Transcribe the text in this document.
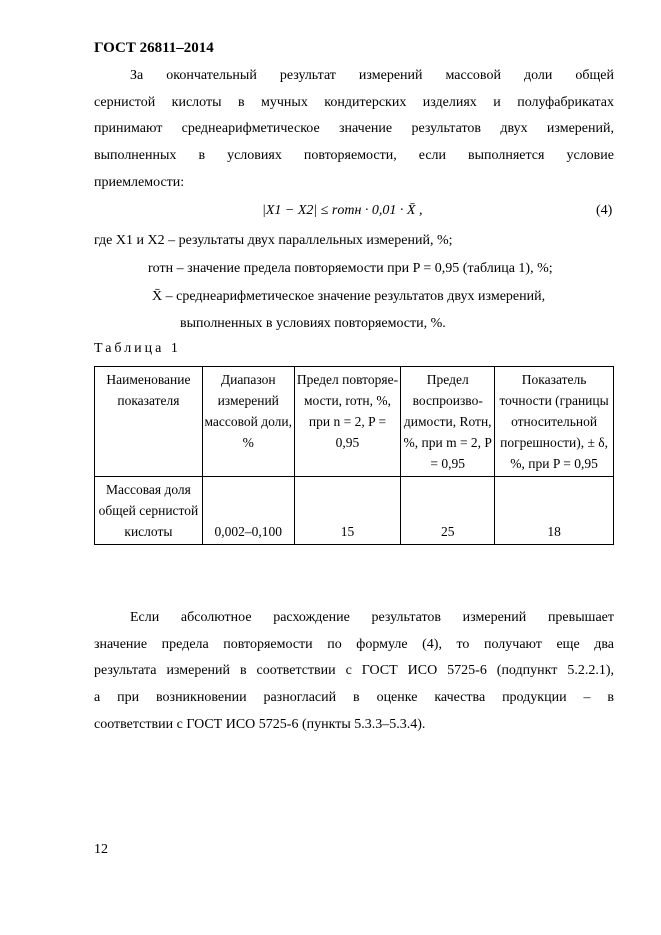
ГОСТ 26811–2014
За окончательный результат измерений массовой доли общей
сернистой кислоты в мучных кондитерских изделиях и полуфабрикатах
принимают среднеарифметическое значение результатов двух измерений,
выполненных в условиях повторяемости, если выполняется условие
приемлемости:
|X1 − X2| ≤ rотн · 0,01 · X̄ ,	(4)
где X1 и X2 – результаты двух параллельных измерений, %;
rотн – значение предела повторяемости при P = 0,95 (таблица 1), %;
X̄ – среднеарифметическое значение результатов двух измерений,
выполненных в условиях повторяемости, %.
Таблица 1
Наименование показателя	Диапазон измерений массовой доли, %	Предел повторяе-мости, rотн, %, при n = 2, P = 0,95	Предел воспроизво-димости, Rотн, %, при m = 2, P = 0,95	Показатель точности (границы относительной погрешности), ± δ, %, при P = 0,95
Массовая доля общей сернистой кислоты	0,002–0,100	15	25	18
Если абсолютное расхождение результатов измерений превышает
значение предела повторяемости по формуле (4), то получают еще два
результата измерений в соответствии с ГОСТ ИСО 5725-6 (подпункт 5.2.2.1),
а при возникновении разногласий в оценке качества продукции – в
соответствии с ГОСТ ИСО 5725-6 (пункты 5.3.3–5.3.4).
12
